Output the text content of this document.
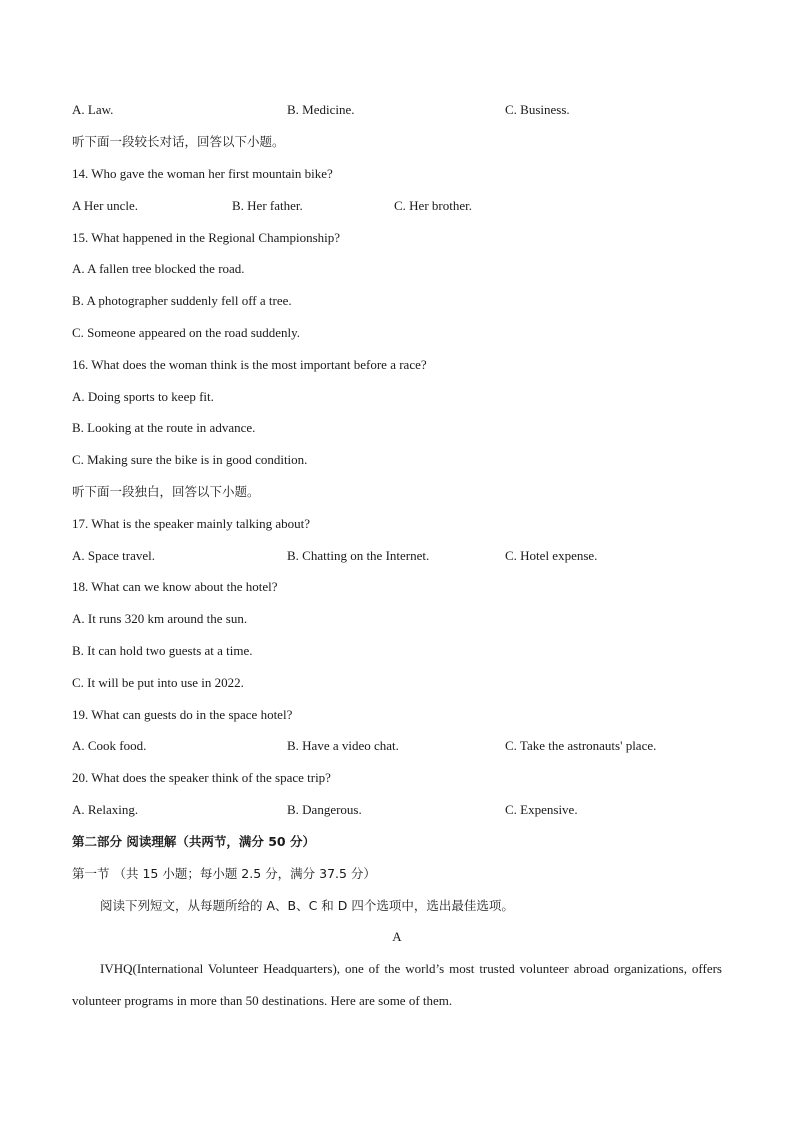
A. Law.	B. Medicine.	C. Business.
听下面一段较长对话，回答以下小题。
14. Who gave the woman her first mountain bike?
A Her uncle.	B. Her father.	C. Her brother.
15. What happened in the Regional Championship?
A. A fallen tree blocked the road.
B. A photographer suddenly fell off a tree.
C. Someone appeared on the road suddenly.
16. What does the woman think is the most important before a race?
A. Doing sports to keep fit.
B. Looking at the route in advance.
C. Making sure the bike is in good condition.
听下面一段独白，回答以下小题。
17. What is the speaker mainly talking about?
A. Space travel.	B. Chatting on the Internet.	C. Hotel expense.
18. What can we know about the hotel?
A. It runs 320 km around the sun.
B. It can hold two guests at a time.
C. It will be put into use in 2022.
19. What can guests do in the space hotel?
A. Cook food.	B. Have a video chat.	C. Take the astronauts' place.
20. What does the speaker think of the space trip?
A. Relaxing.	B. Dangerous.	C. Expensive.
第二部分 阅读理解（共两节，满分 50 分）
第一节 （共 15 小题；每小题 2.5 分，满分 37.5 分）
阅读下列短文，从每题所给的 A、B、C 和 D 四个选项中，选出最佳选项。
A
IVHQ(International Volunteer Headquarters), one of the world’s most trusted volunteer abroad organizations, offers volunteer programs in more than 50 destinations. Here are some of them.
